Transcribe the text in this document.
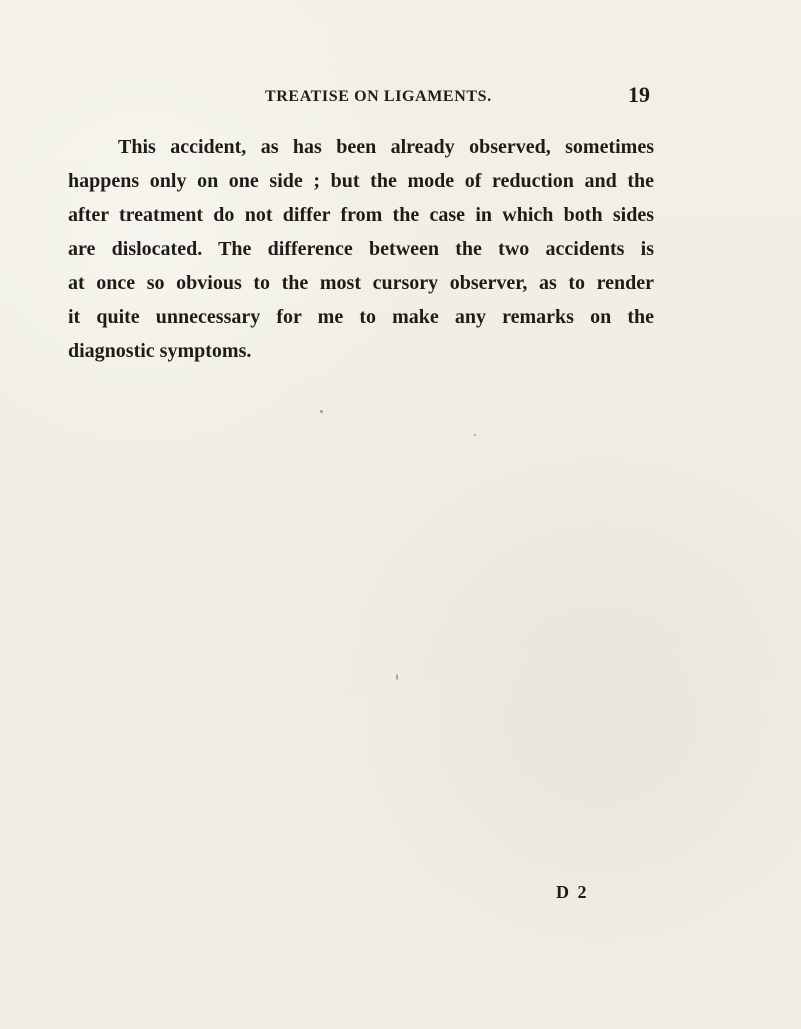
TREATISE ON LIGAMENTS.	19
This accident, as has been already observed, sometimes
happens only on one side ; but the mode of reduction and the
after treatment do not differ from the case in which both sides
are dislocated. The difference between the two accidents is
at once so obvious to the most cursory observer, as to render
it quite unnecessary for me to make any remarks on the
diagnostic symptoms.
D 2
